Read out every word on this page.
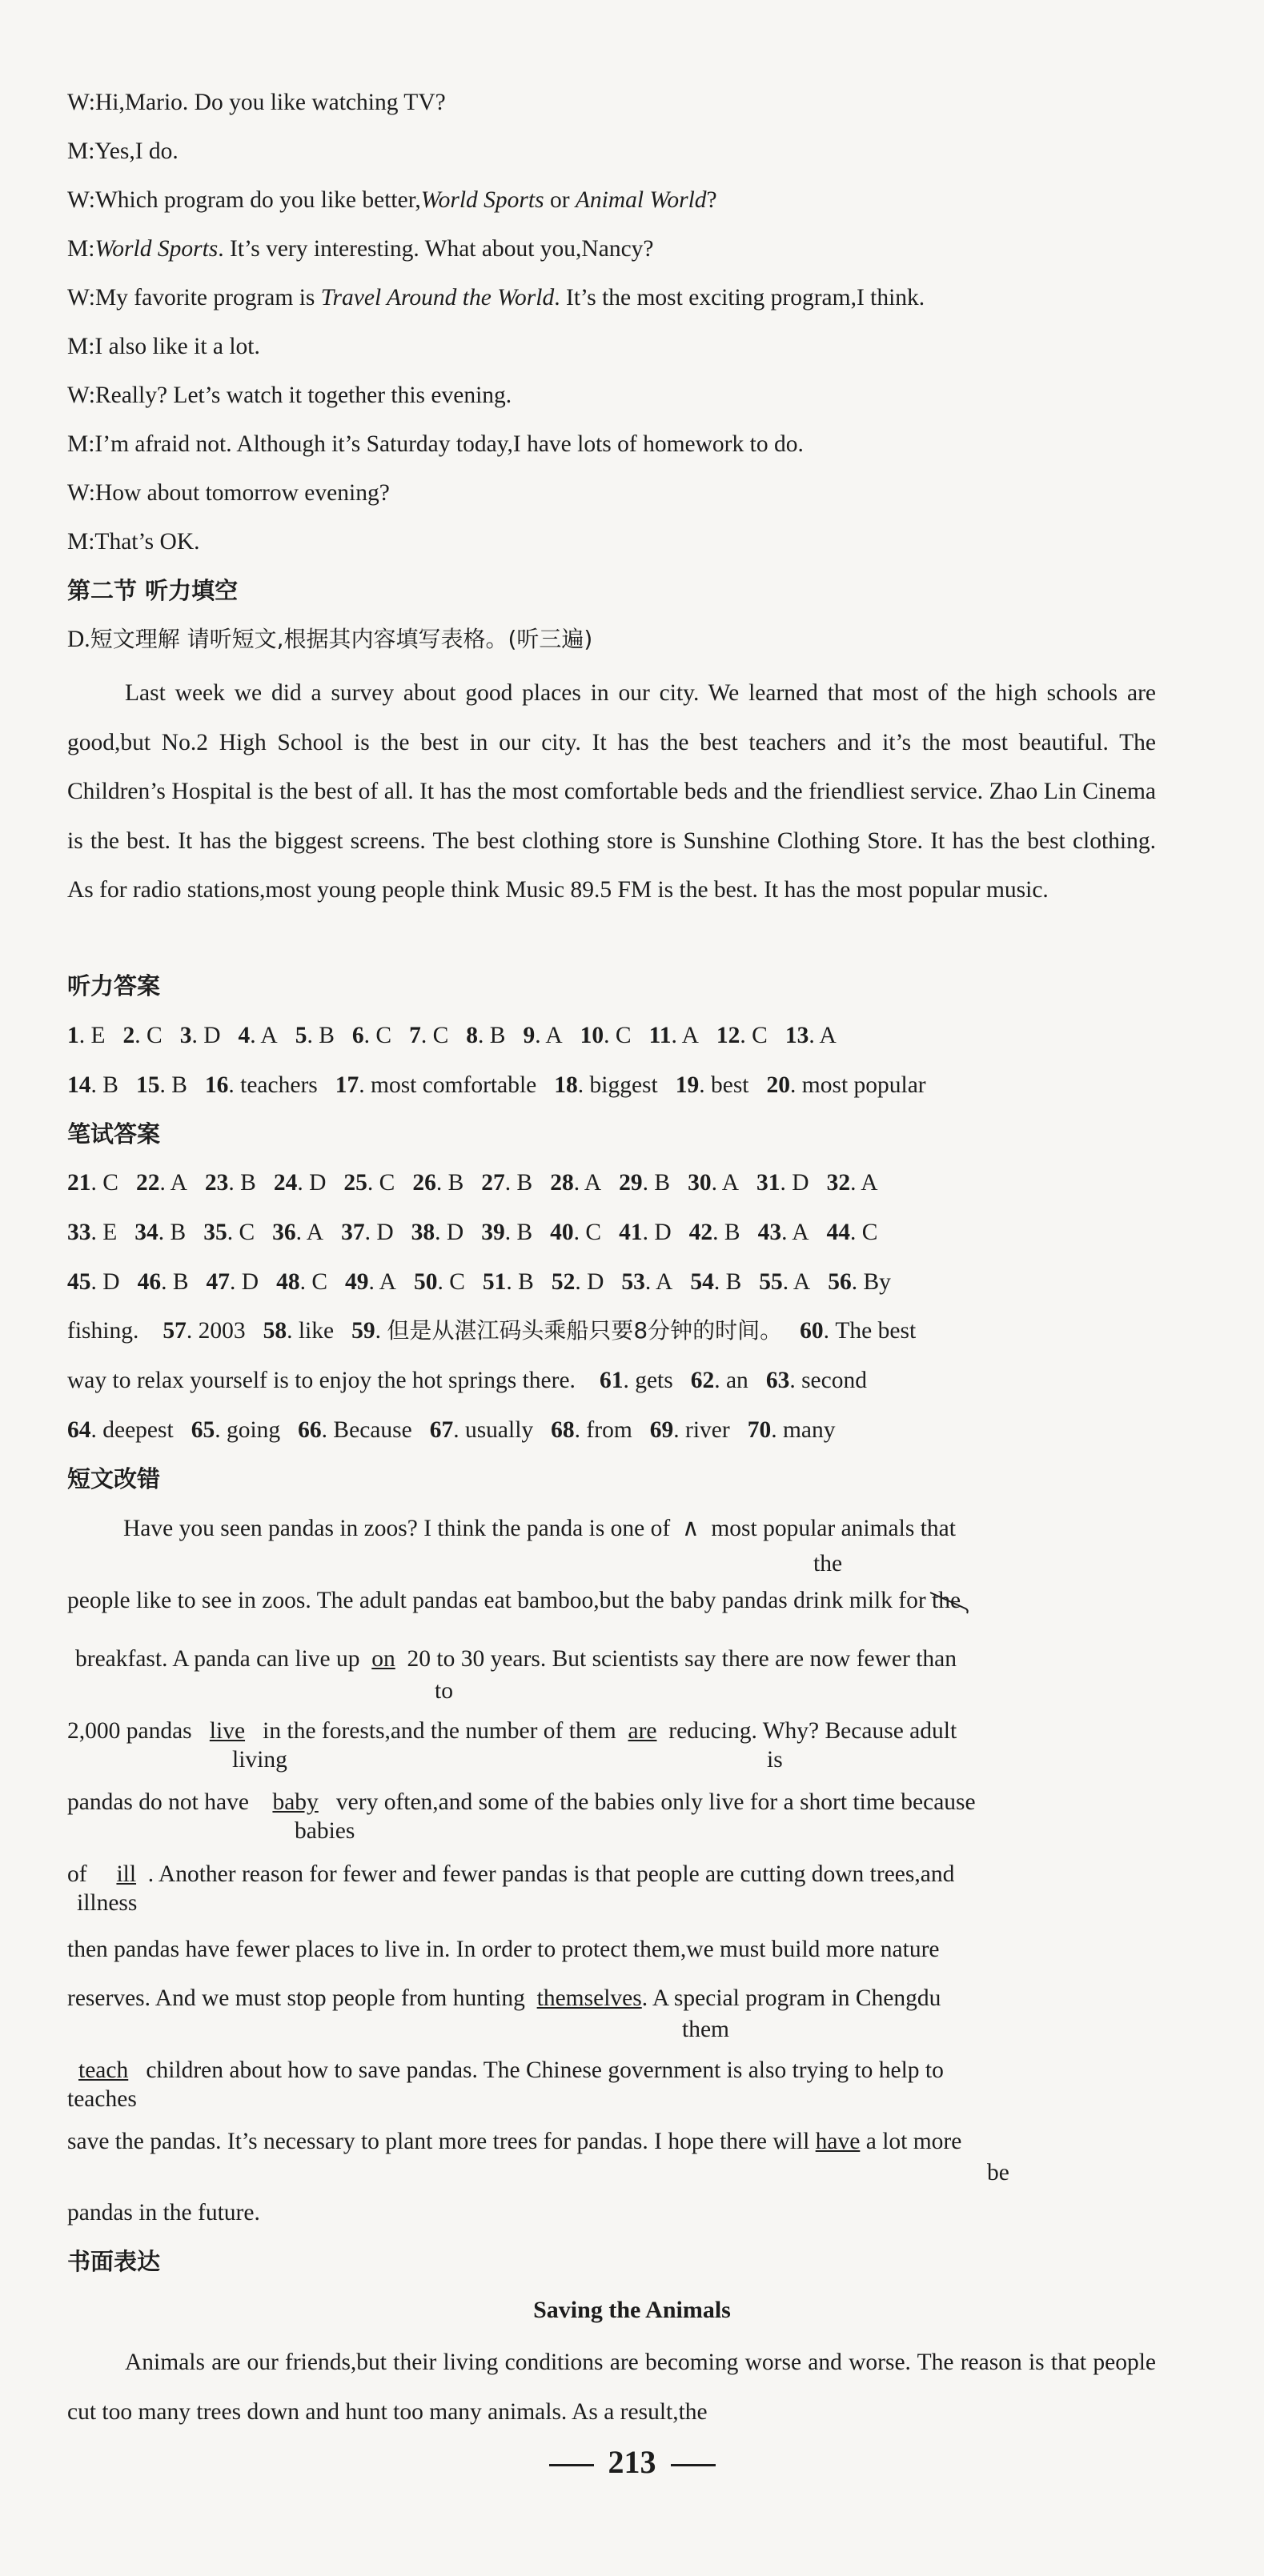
W:Hi,Mario. Do you like watching TV?
M:Yes,I do.
W:Which program do you like better,World Sports or Animal World?
M:World Sports. It’s very interesting. What about you,Nancy?
W:My favorite program is Travel Around the World. It’s the most exciting program,I think.
M:I also like it a lot.
W:Really? Let’s watch it together this evening.
M:I’m afraid not. Although it’s Saturday today,I have lots of homework to do.
W:How about tomorrow evening?
M:That’s OK.
第二节 听力填空
D.短文理解 请听短文,根据其内容填写表格。(听三遍)
Last week we did a survey about good places in our city. We learned that most of the high schools are good,but No.2 High School is the best in our city. It has the best teachers and it’s the most beautiful. The Children’s Hospital is the best of all. It has the most comfortable beds and the friendliest service. Zhao Lin Cinema is the best. It has the biggest screens. The best clothing store is Sunshine Clothing Store. It has the best clothing. As for radio stations,most young people think Music 89.5 FM is the best. It has the most popular music.
听力答案
1. E 2. C 3. D 4. A 5. B 6. C 7. C 8. B 9. A 10. C 11. A 12. C 13. A
14. B 15. B 16. teachers 17. most comfortable 18. biggest 19. best 20. most popular
笔试答案
21. C 22. A 23. B 24. D 25. C 26. B 27. B 28. A 29. B 30. A 31. D 32. A
33. E 34. B 35. C 36. A 37. D 38. D 39. B 40. C 41. D 42. B 43. A 44. C
45. D 46. B 47. D 48. C 49. A 50. C 51. B 52. D 53. A 54. B 55. A 56. By
fishing. 57. 2003 58. like 59. 但是从湛江码头乘船只要8分钟的时间。 60. The best
way to relax yourself is to enjoy the hot springs there. 61. gets 62. an 63. second
64. deepest 65. going 66. Because 67. usually 68. from 69. river 70. many
短文改错
Have you seen pandas in zoos? I think the panda is one of ∧ most popular animals that
the
people like to see in zoos. The adult pandas eat bamboo,but the baby pandas drink milk for the
breakfast. A panda can live up on 20 to 30 years. But scientists say there are now fewer than
to
2,000 pandas live in the forests,and the number of them are reducing. Why? Because adult
living	is
pandas do not have baby very often,and some of the babies only live for a short time because
babies
of ill . Another reason for fewer and fewer pandas is that people are cutting down trees,and
illness
then pandas have fewer places to live in. In order to protect them,we must build more nature
reserves. And we must stop people from hunting themselves. A special program in Chengdu
them
teach children about how to save pandas. The Chinese government is also trying to help to
teaches
save the pandas. It’s necessary to plant more trees for pandas. I hope there will have a lot more
be
pandas in the future.
书面表达
Saving the Animals
Animals are our friends,but their living conditions are becoming worse and worse. The reason is that people cut too many trees down and hunt too many animals. As a result,the
213
